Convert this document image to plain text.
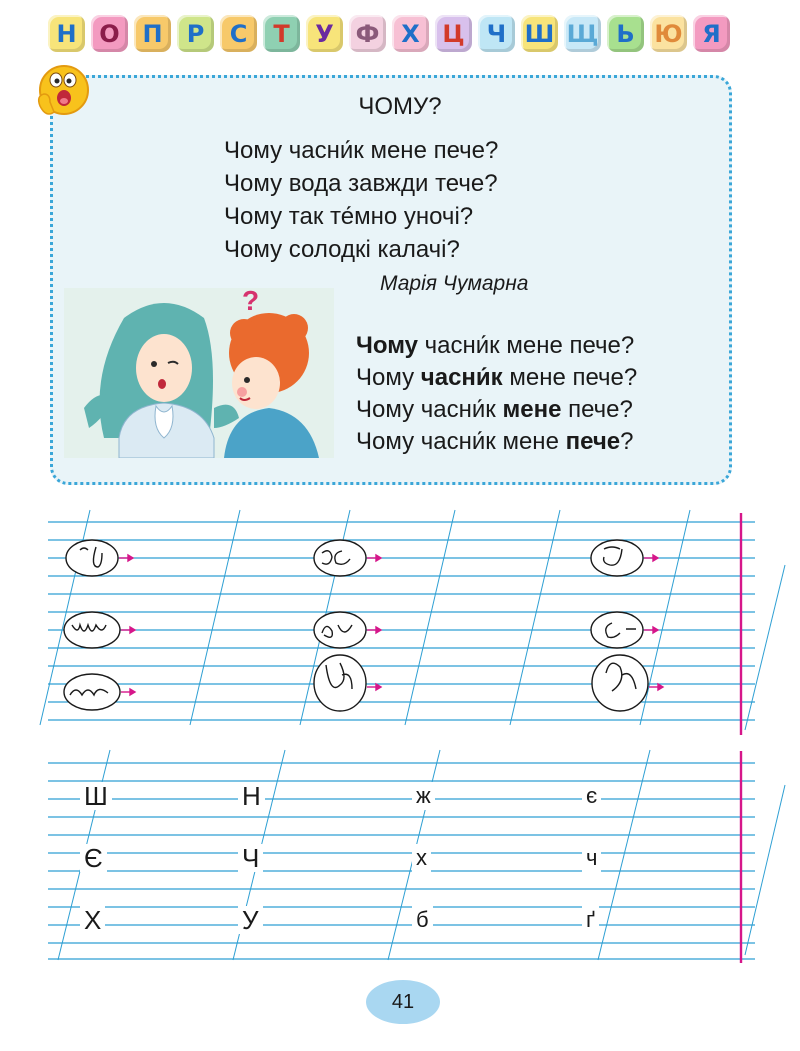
Н О П Р С Т У Ф Х Ц Ч Ш Щ Ь Ю Я
ЧОМУ?
Чому часни́к мене пече?
Чому вода завжди тече?
Чому так те́мно уночі?
Чому солодкі калачі?
Марія Чумарна
?
Чому часни́к мене пече?
Чому часни́к мене пече?
Чому часни́к мене пече?
Чому часни́к мене пече?
Ш	Н	ж	є
Є	Ч	х	ч
Х	У	б	ґ
41
